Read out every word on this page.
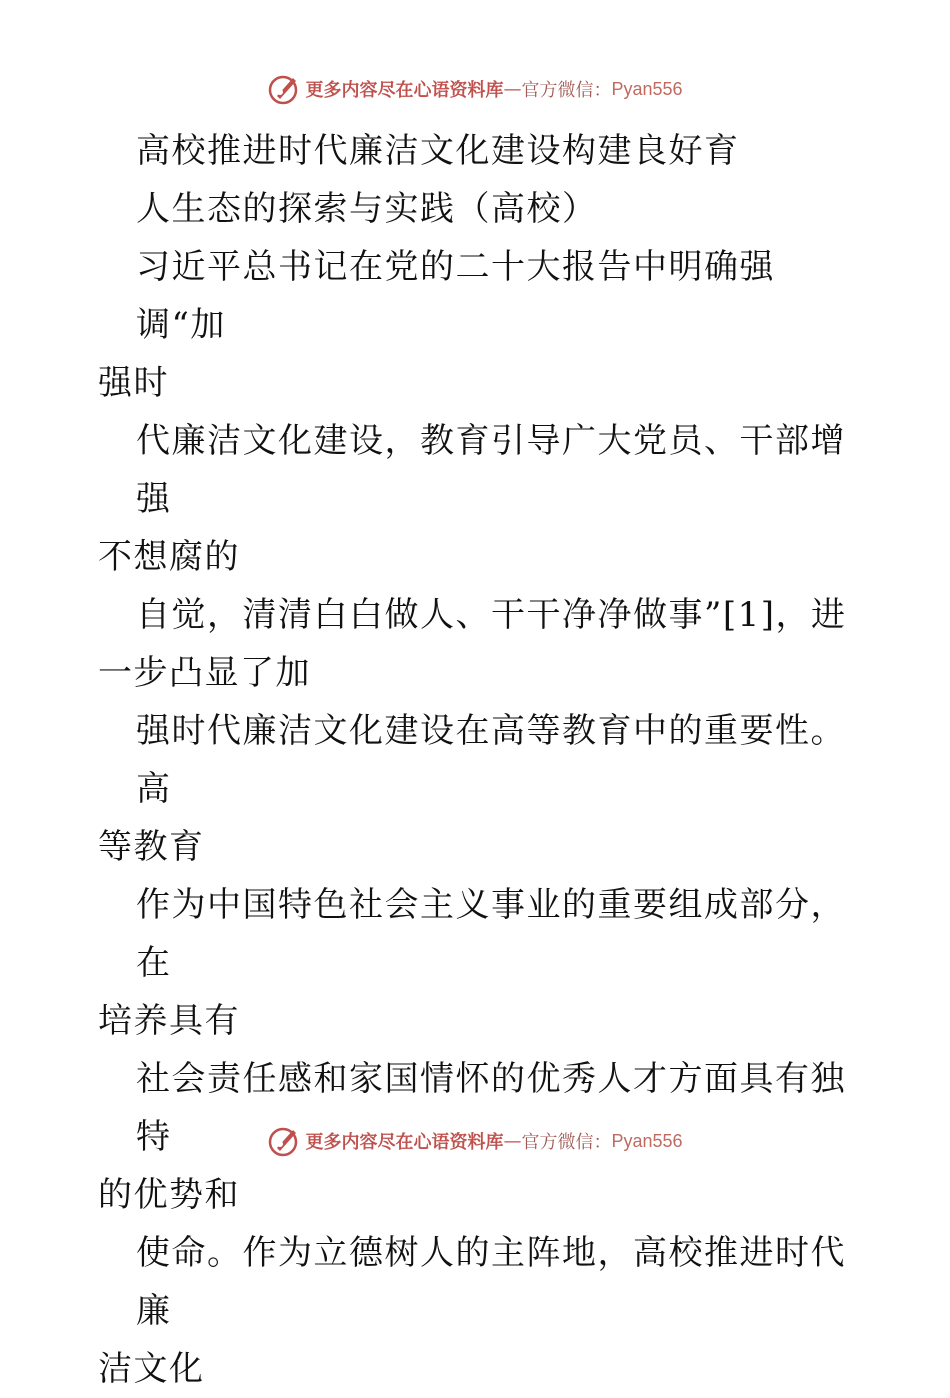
更多内容尽在心语资料库 — 官方微信： Pyan556

高校推进时代廉洁文化建设构建良好育

人生态的探索与实践（高校）

习近平总书记在党的二十大报告中明确强调“加

强时

代廉洁文化建设，教育引导广大党员、干部增强

不想腐的

自觉，清清白白做人、干干净净做事”[1]，进

一步凸显了加

强时代廉洁文化建设在高等教育中的重要性。高

等教育

作为中国特色社会主义事业的重要组成部分，在

培养具有

社会责任感和家国情怀的优秀人才方面具有独特

的优势和

使命。作为立德树人的主阵地，高校推进时代廉

洁文化

更多内容尽在心语资料库 — 官方微信： Pyan556
